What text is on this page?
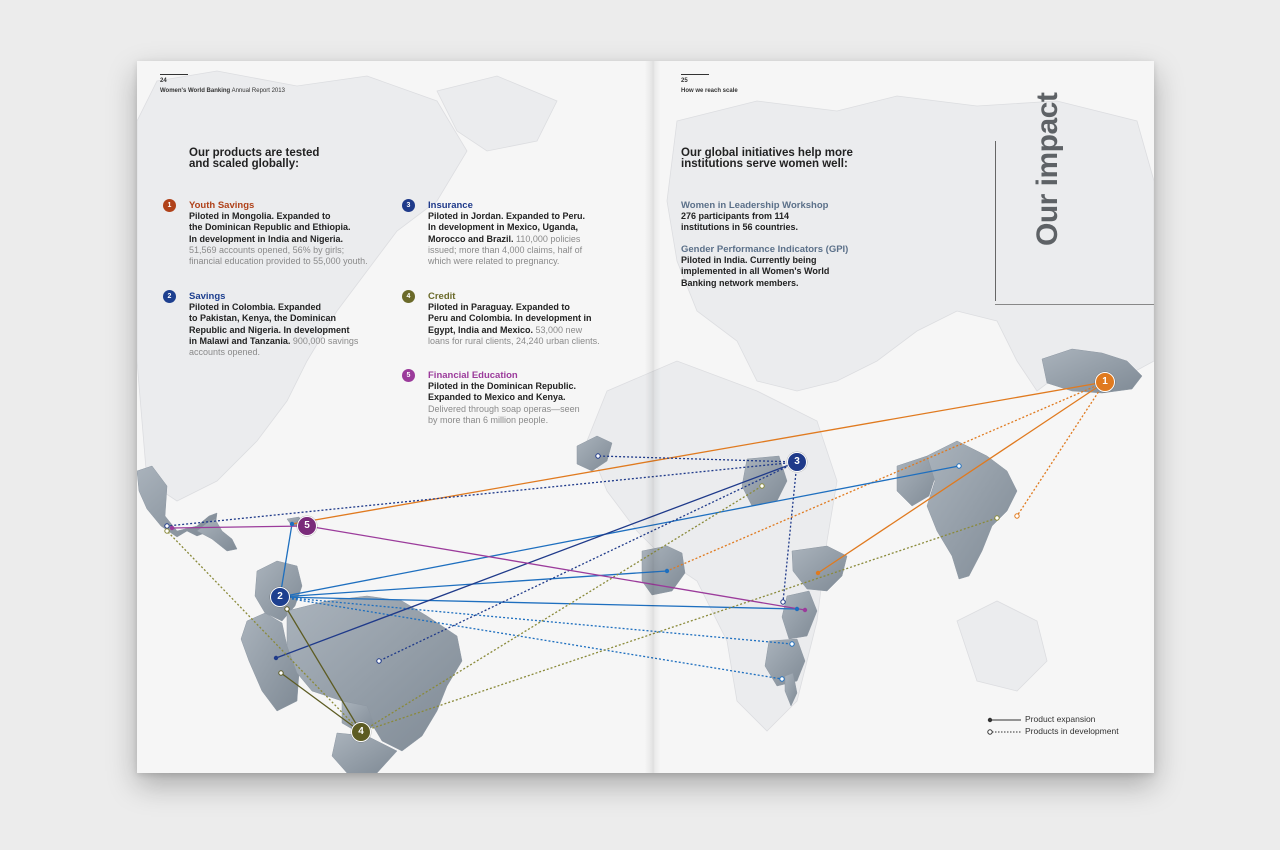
24
Women's World Banking Annual Report 2013
25
How we reach scale
Our products are tested
and scaled globally:
Our global initiatives help more
institutions serve women well:
1	Youth Savings
Piloted in Mongolia. Expanded to
the Dominican Republic and Ethiopia.
In development in India and Nigeria.
51,569 accounts opened, 56% by girls;
financial education provided to 55,000 youth.
2	Savings
Piloted in Colombia. Expanded
to Pakistan, Kenya, the Dominican
Republic and Nigeria. In development
in Malawi and Tanzania. 900,000 savings
accounts opened.
3	Insurance
Piloted in Jordan. Expanded to Peru.
In development in Mexico, Uganda,
Morocco and Brazil. 110,000 policies
issued; more than 4,000 claims, half of
which were related to pregnancy.
4	Credit
Piloted in Paraguay. Expanded to
Peru and Colombia. In development in
Egypt, India and Mexico. 53,000 new
loans for rural clients, 24,240 urban clients.
5	Financial Education
Piloted in the Dominican Republic.
Expanded to Mexico and Kenya.
Delivered through soap operas—seen
by more than 6 million people.
Women in Leadership Workshop
276 participants from 114
institutions in 56 countries.
Gender Performance Indicators (GPI)
Piloted in India. Currently being
implemented in all Women's World
Banking network members.
Our impact
1
2
3
4
5
Product expansion
Products in development
